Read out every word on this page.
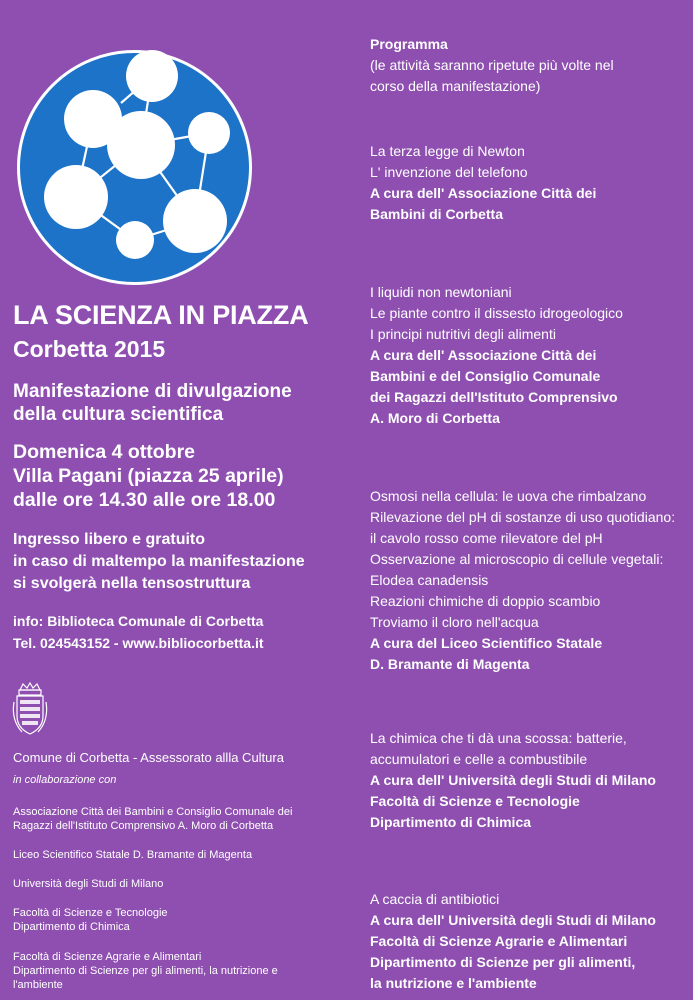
LA SCIENZA IN PIAZZA
Corbetta 2015
Manifestazione di divulgazione
della cultura scientifica
Domenica 4 ottobre
Villa Pagani (piazza 25 aprile)
dalle ore 14.30 alle ore 18.00
Ingresso libero e gratuito
in caso di maltempo la manifestazione
si svolgerà nella tensostruttura
info: Biblioteca Comunale di Corbetta
Tel. 024543152 - www.bibliocorbetta.it
Comune di Corbetta - Assessorato allla Cultura
in collaborazione con
Associazione Città dei Bambini e Consiglio Comunale dei
Ragazzi dell'Istituto Comprensivo A. Moro di Corbetta
Liceo Scientifico Statale D. Bramante di Magenta
Università degli Studi di Milano
Facoltà di Scienze e Tecnologie
Dipartimento di Chimica
Facoltà di Scienze Agrarie e Alimentari
Dipartimento di Scienze per gli alimenti, la nutrizione e
l'ambiente
Programma
(le attività saranno ripetute più volte nel
corso della manifestazione)
La terza legge di Newton
L' invenzione del telefono
A cura dell' Associazione Città dei
Bambini di Corbetta
I liquidi non newtoniani
Le piante contro il dissesto idrogeologico
I principi nutritivi degli alimenti
A cura dell' Associazione Città dei
Bambini e del Consiglio Comunale
dei Ragazzi dell'Istituto Comprensivo
A. Moro di Corbetta
Osmosi nella cellula: le uova che rimbalzano
Rilevazione del pH di sostanze di uso quotidiano:
il cavolo rosso come rilevatore del pH
Osservazione al microscopio di cellule vegetali:
Elodea canadensis
Reazioni chimiche di doppio scambio
Troviamo il cloro nell'acqua
A cura del Liceo Scientifico Statale
D. Bramante di Magenta
La chimica che ti dà una scossa: batterie,
accumulatori e celle a combustibile
A cura dell' Università degli Studi di Milano
Facoltà di Scienze e Tecnologie
Dipartimento di Chimica
A caccia di antibiotici
A cura dell' Università degli Studi di Milano
Facoltà di Scienze Agrarie e Alimentari
Dipartimento di Scienze per gli alimenti,
la nutrizione e l'ambiente
